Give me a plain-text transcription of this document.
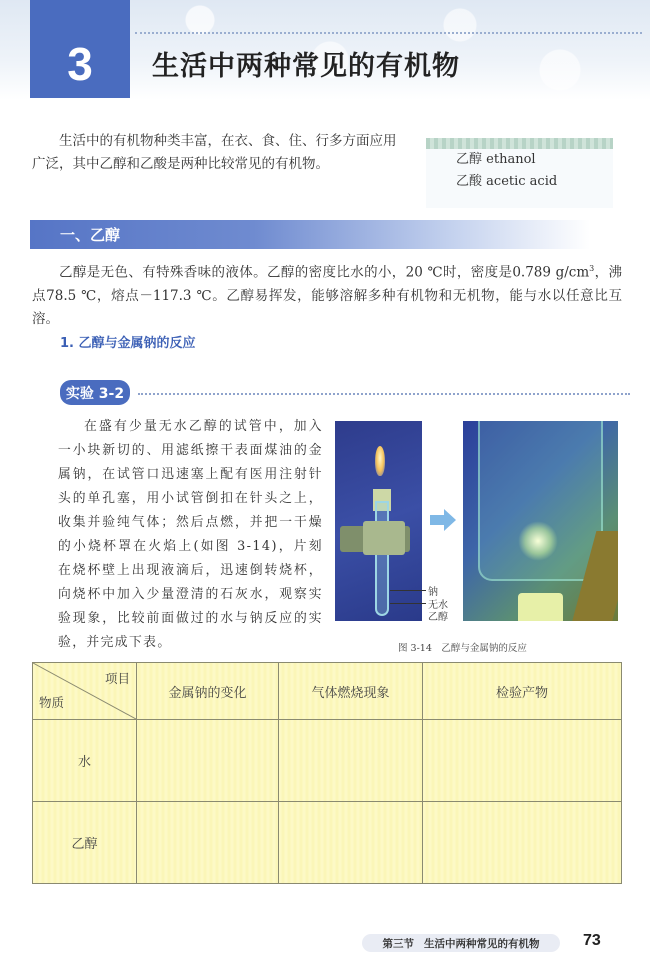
3 生活中两种常见的有机物

生活中的有机物种类丰富，在衣、食、住、行多方面应用广泛，其中乙醇和乙酸是两种比较常见的有机物。	乙醇 ethanol
乙酸 acetic acid
一、乙醇

乙醇是无色、有特殊香味的液体。乙醇的密度比水的小，20 ℃时，密度是0.789 $g/cm^3$，沸点78.5 ℃，熔点－117.3 ℃。乙醇易挥发，能够溶解多种有机物和无机物，能与水以任意比互溶。

1. 乙醇与金属钠的反应
实验 3-2

在盛有少量无水乙醇的试管中，加入一小块新切的、用滤纸擦干表面煤油的金属钠，在试管口迅速塞上配有医用注射针头的单孔塞，用小试管倒扣在针头之上，收集并验纯气体；然后点燃，并把一干燥的小烧杯罩在火焰上(如图 3-14)，片刻在烧杯壁上出现液滴后，迅速倒转烧杯，向烧杯中加入少量澄清的石灰水，观察实验现象，比较前面做过的水与钠反应的实验，并完成下表。

钠
无水
乙醇
图 3-14　乙醇与金属钠的反应
项目
物质	金属钠的变化	气体燃烧现象	检验产物
水			
乙醇			
第三节 生活中两种常见的有机物	73
